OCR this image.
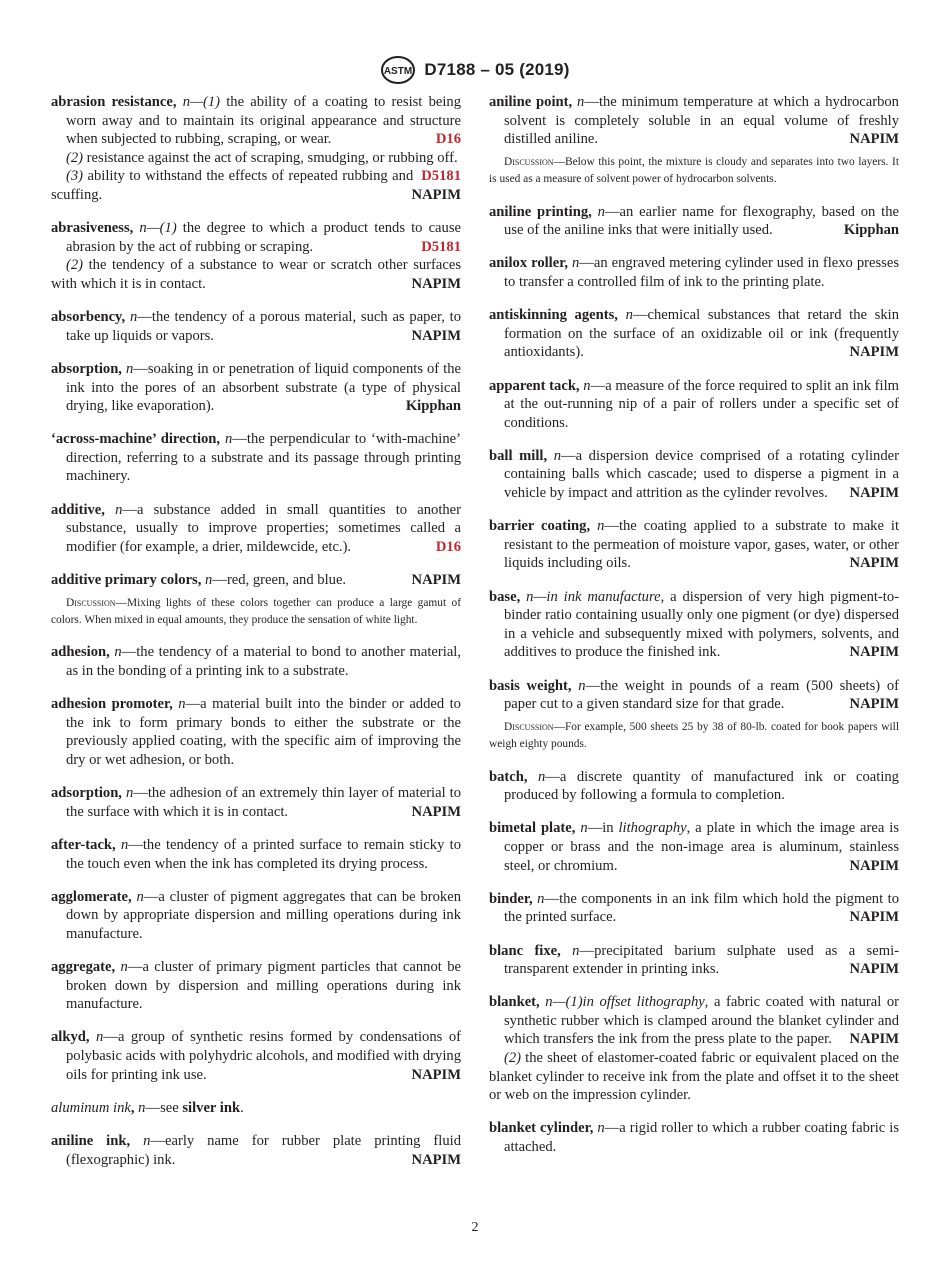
ASTM D7188 – 05 (2019)

abrasion resistance, n—(1) the ability of a coating to resist being worn away and to maintain its original appearance and structure when subjected to rubbing, scraping, or wear.	D16

(2) resistance against the act of scraping, smudging, or rubbing off.
D5181

(3) ability to withstand the effects of repeated rubbing and scuffing.	NAPIM

abrasiveness, n—(1) the degree to which a product tends to cause abrasion by the act of rubbing or scraping.	D5181

(2) the tendency of a substance to wear or scratch other surfaces with which it is in contact.	NAPIM

absorbency, n—the tendency of a porous material, such as paper, to take up liquids or vapors.	NAPIM

absorption, n—soaking in or penetration of liquid components of the ink into the pores of an absorbent substrate (a type of physical drying, like evaporation).	Kipphan

‘across-machine’ direction, n—the perpendicular to ‘with-machine’ direction, referring to a substrate and its passage through printing machinery.

additive, n—a substance added in small quantities to another substance, usually to improve properties; sometimes called a modifier (for example, a drier, mildewcide, etc.).	D16

additive primary colors, n—red, green, and blue.	NAPIM

Discussion—Mixing lights of these colors together can produce a large gamut of colors. When mixed in equal amounts, they produce the sensation of white light.

adhesion, n—the tendency of a material to bond to another material, as in the bonding of a printing ink to a substrate.

adhesion promoter, n—a material built into the binder or added to the ink to form primary bonds to either the substrate or the previously applied coating, with the specific aim of improving the dry or wet adhesion, or both.

adsorption, n—the adhesion of an extremely thin layer of material to the surface with which it is in contact.	NAPIM

after-tack, n—the tendency of a printed surface to remain sticky to the touch even when the ink has completed its drying process.

agglomerate, n—a cluster of pigment aggregates that can be broken down by appropriate dispersion and milling operations during ink manufacture.

aggregate, n—a cluster of primary pigment particles that cannot be broken down by dispersion and milling operations during ink manufacture.

alkyd, n—a group of synthetic resins formed by condensations of polybasic acids with polyhydric alcohols, and modified with drying oils for printing ink use.	NAPIM

aluminum ink, n—see silver ink.

aniline ink, n—early name for rubber plate printing fluid (flexographic) ink.	NAPIM

aniline point, n—the minimum temperature at which a hydrocarbon solvent is completely soluble in an equal volume of freshly distilled aniline.	NAPIM

Discussion—Below this point, the mixture is cloudy and separates into two layers. It is used as a measure of solvent power of hydrocarbon solvents.

aniline printing, n—an earlier name for flexography, based on the use of the aniline inks that were initially used.	Kipphan

anilox roller, n—an engraved metering cylinder used in flexo presses to transfer a controlled film of ink to the printing plate.

antiskinning agents, n—chemical substances that retard the skin formation on the surface of an oxidizable oil or ink (frequently antioxidants).	NAPIM

apparent tack, n—a measure of the force required to split an ink film at the out-running nip of a pair of rollers under a specific set of conditions.

ball mill, n—a dispersion device comprised of a rotating cylinder containing balls which cascade; used to disperse a pigment in a vehicle by impact and attrition as the cylinder revolves. NAPIM

barrier coating, n—the coating applied to a substrate to make it resistant to the permeation of moisture vapor, gases, water, or other liquids including oils.	NAPIM

base, n—in ink manufacture, a dispersion of very high pigment-to-binder ratio containing usually only one pigment (or dye) dispersed in a vehicle and subsequently mixed with polymers, solvents, and additives to produce the finished ink.	NAPIM

basis weight, n—the weight in pounds of a ream (500 sheets) of paper cut to a given standard size for that grade.	NAPIM

Discussion—For example, 500 sheets 25 by 38 of 80-lb. coated for book papers will weigh eighty pounds.

batch, n—a discrete quantity of manufactured ink or coating produced by following a formula to completion.

bimetal plate, n—in lithography, a plate in which the image area is copper or brass and the non-image area is aluminum, stainless steel, or chromium.	NAPIM

binder, n—the components in an ink film which hold the pigment to the printed surface.	NAPIM

blanc fixe, n—precipitated barium sulphate used as a semi-transparent extender in printing inks.	NAPIM

blanket, n—(1)in offset lithography, a fabric coated with natural or synthetic rubber which is clamped around the blanket cylinder and which transfers the ink from the press plate to the paper. NAPIM

(2) the sheet of elastomer-coated fabric or equivalent placed on the blanket cylinder to receive ink from the plate and offset it to the sheet or web on the impression cylinder.

blanket cylinder, n—a rigid roller to which a rubber coating fabric is attached.

2
